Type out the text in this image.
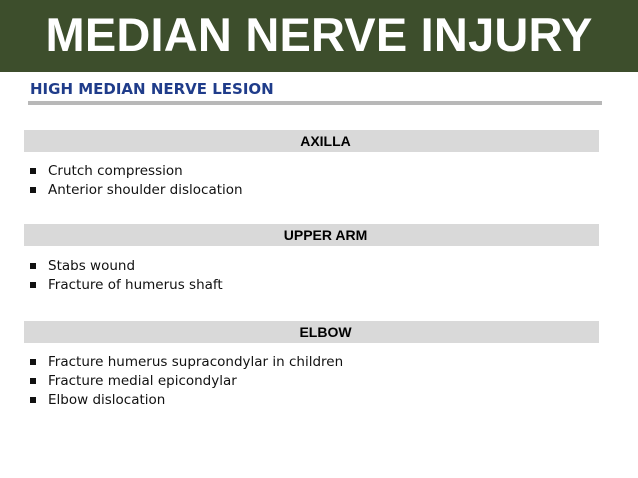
MEDIAN NERVE INJURY
HIGH MEDIAN NERVE LESION
AXILLA
Crutch compression
Anterior shoulder dislocation
UPPER ARM
Stabs wound
Fracture of humerus shaft
ELBOW
Fracture humerus supracondylar in children
Fracture medial epicondylar
Elbow dislocation
